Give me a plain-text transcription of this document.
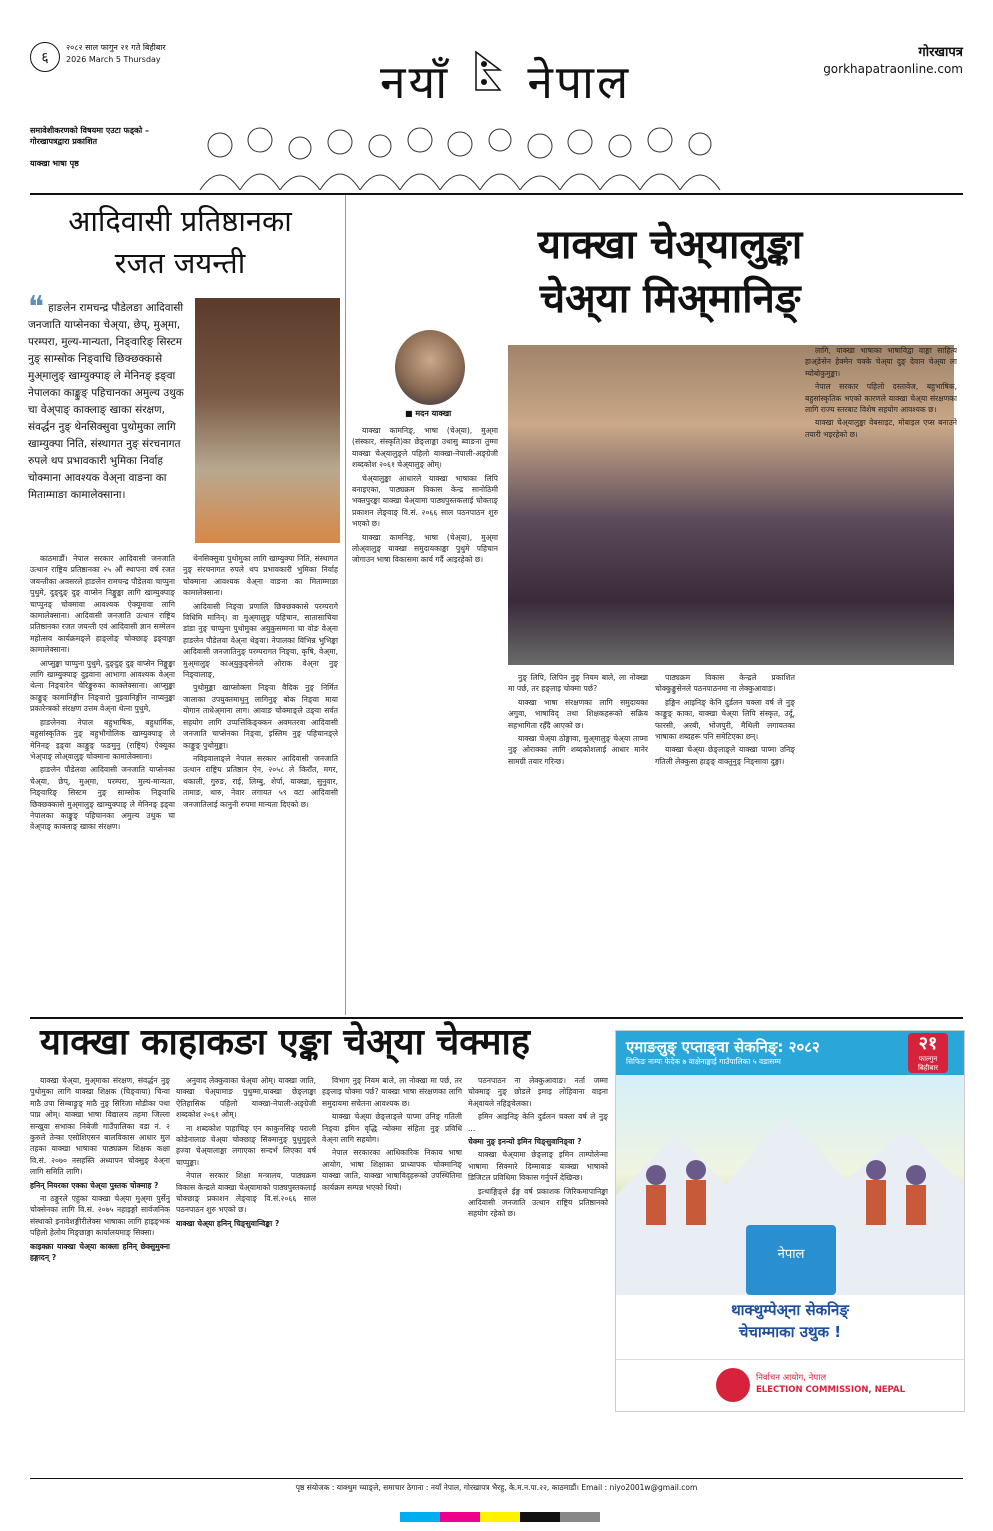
६
२०८२ साल फागुन २१ गते बिहीबार
2026 March 5 Thursday	नयाँ नेपाल
गोरखापत्र
gorkhapatraonline.com
समावेशीकरणको विषयमा एउटा फड्को – गोरखापत्रद्वारा प्रकाशित
याक्खा भाषा पृष्ठ
आदिवासी प्रतिष्ठानका
रजत जयन्ती
❝ हाङलेन रामचन्द्र पौडेलङा आदिवासी जनजाति याप्सेनका चेअ्या, छेप्, मुअ्मा, परम्परा, मुल्य-मान्यता, निङ्वारिङ् सिस्टम नुङ् साम्सोक निङ्वाधि छिक्छक्कासे मुअ्मालुङ् खाम्युक्पाङ् ले मेनिनङ् इङ्वा नेपालका काङ्कुङ् पहिचानका अमुल्य उथुक चा वेअ्पाङ् काक्लाङ् खाका संरक्षण, संवर्द्धन नुङ् थेनसिक्सुवा पुथोमुका लागि खाम्युक्पा निति, संस्थागत नुङ् संरचनागत रुपले थप प्रभावकारी भुमिका निर्वाह चोक्माना आवश्यक वेअ्ना वाङना का मिताम्माङा कामालेक्साना।

काठमाडौं। नेपाल सरकार आदिवासी जनजाति उत्थान राष्ट्रिय प्रतिष्ठानका २५ औं स्थापना वर्ष रजत जयन्तीका अवसरले हाङलेन रामचन्द्र पौडेलवा चाप्पुना पुथुमे, दुङ्दुङ् दुङ् वाप्सेन निङ्खुङ्का लागि खाम्युक्पाङ् चाप्पुनङ् चोक्मावा आवश्यक ऐक्यूमावा लागि कामालेक्साना। आदिवासी जनजाति उत्थान राष्ट्रिय प्रतिष्ठानका रजत जयन्ती एवं आदिवासी ज्ञान सम्मेलन महोत्सव कार्यक्रमङ्ले हाङ्लोङ् चोक्छाङ् इङ्वाङ्मा कामालेक्साना।

आप्सुङ्का चाप्पुना पुथुमे, दुङ्दुङ् दुङ् वाप्सेन निङ्खुङ्का लागि खाम्युक्पाङ् दुइवाना आभागा आवश्यक वेअ्ना थेत्ना निङ्वारेन चेरिङ्कुरुका काक्लेक्साना। आप्सुङ्का काङ्कुङ् कामानिङ्गीन निङ्वारो पुइवानिङ्गीन नाप्यनुङ्का प्रकारेन्त्रको संरक्षण उत्तम वेअ्ना थेत्ना पुथुमे,

हाङलेनवा नेपाल बहुभाषिक, बहुधार्मिक, बहुसांस्कृतिक नुङ् बहुभौगोलिक खाम्युक्पाङ् ले मेनिनङ् इङ्वा काङ्कुङ् फङमुनु (राष्ट्रिय) ऐक्यूका भेअ्पाङ् लोअ्वालुङ् चोक्माना कामालेक्साना।

हाङलेन पौडेलवा आदिवासी जनजाति याप्सेनका चेअ्या, छेप्, मुअ्मा, परम्परा, मुल्य-मान्यता, निङ्वारिङ् सिस्टम नुङ् साम्सोक निङ्वाधि छिक्छक्कासे मुअ्मालुङ् खाम्युक्पाङ् ले मेनिनङ् इङ्वा नेपालका काङ्कुङ् पहिचानका अमुल्य उथुक चा वेअ्पाङ् काक्लाङ् खाका संरक्षण।

थेनसिक्सुवा पुथोमुका लागि खाम्युक्पा निति, संस्थागत नुङ् संरचनागत रुपले थप प्रभावकारी भुमिका निर्वाह चोक्माना आवश्यक वेअ्ना वाङना का मिताम्माङा कामालेक्साना।

आदिवासी निङ्वा प्रणालि छिक्छक्कासे परम्परागे विधिमि मानिन्। वा मुअ्मालुङ् पहिचान, सातासाचिया डांडा नुङ् चाप्पुना पुथोमुका अयुकुसम्मना चा वोङ वेअ्ना हाङलेन पौडेलवा वेअ्ना थेङ्वा। नेपालका विभिन्न भुभिङ्का आदिवासी जनजातिनुङ् परम्परागत निङ्वा, कृषि, वेअ्मा, मुअ्मालुङ् काअ्युकुङ्सेनले ओराक वेअ्ना नुङ् निङ्वालाङ्,

पुथोमुङ्का खाप्सोक्ला निङ्वा वैदिक नुङ् निर्मित जालाका उपयुक्तमाथुनु लागिनुङ् बोक निङ्वा माया योगान ताधेअ्माना लाग। आवाङ चोक्माङ्ले उङ्वा सर्वत सहयोग लागि उप्पत्तिकिङ्क्कन अवमतरवा आदिवासी जनजाति चाप्सेनका निङ्वा, इस्लिम नुङ् पहिचानङ्ले काङ्कुङ् पुथोमुङ्का।

नविइवालाङ्ले नेपाल सरकार आदिवासी जनजाति उत्थान राष्ट्रिय प्रतिष्ठान ऐन, २०५८ ले किराँत, मगर, थकाली, गुरुङ, राई, लिम्बु, शेर्पा, याक्खा, सुनुवार, तामाङ, थारु, नेवार लगायत ५९ वटा आदिवासी जनजातिलाई कानुनी रुपमा मान्यता दिएको छ।

याक्खा चेअ्यालुङ्का
चेअ्या मिअ्मानिङ्
■ मदन याक्खा

याक्खा कामनिङ्, भाषा (चेअ्या), मुअ्मा (संस्कार, संस्कृति)का छेङ्लाङ्का उथासु ब्वाङना तुम्मा याक्खा चेअ्यालुङ्ले पहिलो याक्खा-नेपाली-अङ्ग्रेजी शब्दकोश २०६१ चेअ्यालुङ् ओम्।

चेअ्यालुङ्का आधारले याक्खा भाषाका लिपि बनाइएका, पाठ्यक्रम विकास केन्द्र सानोठिमी भक्तपुरङ्का याक्खा चेअ्यामा पाठ्यपुस्तकलाई चोक्ताङ् प्रकाशन लेङ्वाङ् वि.सं. २०६६ साल पठनपाठन शुरु भएको छ।

याक्खा कामनिङ्, भाषा (चेअ्या), मुअ्मा लोअ्वालुङ् याक्खा समुदायकाङ्का पुथुमे पहिचान जोगाउन भाषा विकासमा कार्य गर्दै आइरहेको छ।

नुङ् लिपि, लिपिन नुङ् नियम बाले, ला नोक्खा मा पर्छ, तर हङ्लाइ चोक्मा पर्छ?

याक्खा भाषा संरक्षणका लागि समुदायका अगुवा, भाषाविद् तथा शिक्षकहरूको सक्रिय सहभागिता रहँदै आएको छ।

याक्खा चेअ्या ठोङ्मावा, मुअ्मालुङ् चेअ्या ताप्मा नुङ् ओराक्का लागि शब्दकोशलाई आधार मानेर सामग्री तयार गरिन्छ।

पाठ्यक्रम विकास केन्द्रले प्रकाशित चोक्कुङ्कुसेनले पठनपाठनमा ना लेक्कुआवाङ।

हङ्मिन आइनिङ् केनि दुर्डलन चक्ला वर्ष ले नुङ् काङ्कुङ् काका, याक्खा चेअ्या लिपि संस्कृत, उर्दू, फारसी, अरबी, भोजपुरी, मैथिली लगायतका भाषाका शब्दहरू पनि समेटिएका छन्।

याक्खा चेअ्या छेङ्लाङ्ले याक्खा पाप्मा उनिङ् गतिली लेक्कुसा हाङ्ङ् वाक्तुनुङ् निङ्सावा दुङ्गा।

लागि, याक्खा भाषाका भाषाविद्वा वाङ्मा साहित्य हाअ्ङेसेन हेक्मेन चक्के चेअ्या दुङ् देवान चेअ्या ला म्योबोकुमुङ्का।

नेपाल सरकार पहिलो दस्तावेज, बहुभाषिक, बहुसांस्कृतिक भएको कारणले याक्खा चेअ्या संरक्षणका लागि राज्य स्तरबाट विशेष सहयोग आवश्यक छ।

याक्खा चेअ्यालुङ्का वेबसाइट, मोबाइल एप्स बनाउने तयारी भइरहेको छ।

याक्खा काहाकङा एङ्का चेअ्या चेक्माह

याक्खा चेअ्या, मुअ्माका संरक्षण, संवर्द्धन नुङ् पुथोमुका लागि याक्खा शिक्षक (चिङ्वाया) चिन्वा माठै उपा सिम्बाङ्रुङ् माठै नुङ् सिरिजा मोडीका पथा पाप्न ओम्। याक्खा भाषा विद्यालय तहमा जिल्ला सन्खुवा सभाका निबेजी गाउँपालिका वडा नं. २ कुरुले तेन्का एसोशिएसन बालविकास आधार मुल तहका याक्खा भाषाका पाठ्यक्रम शिक्षक कक्षा वि.सं. २०७० नसहस्ति अध्यापन चोक्सुङ् वेअ्ना लागि समिति लागि।

हनिन् नियरका एक्का चेअ्या पुस्तक चोक्माह ?

ना ठङ्गुरले एहुका याक्खा चेअ्या मुअ्मा पुर्सेनु चोक्सेनका लागि वि.सं. २०७५ नहाइङ्गो सार्वजनिक संस्थाको इनावेशङ्गीरीलेक्स भाषाका लागि हाइङ्भक पहिलो हेलोय मिङ्छाङ्गा कार्यालयमाङ् सिक्सा।

काइक्क्रा याक्खा चेअ्या काक्ला हनिन् छेक्सुमुक्ना हङ्गादन् ?

अनुवाद लेक्कुवाका चेअ्या ओम्। याक्खा जाति, याक्खा चेअ्यामाङ पुथुम्मा,याक्खा छेङ्लाङ्का ऐतिहासिक पहिलो याक्खा-नेपाली-अङ्ग्रेजी शब्दकोश २०६१ ओम्।

ना शब्दकोश पाहाचिङ् एन काकुनसिङ् पराली कोडेनालाङ चेअ्या चोक्छाङ् सिक्मानुङ् पुथुमुङ्ले हज्वा चेअ्यालाङ्मा लगाएका सन्दर्भ लिएका वर्ष चाप्पुङ्का।

नेपाल सरकार शिक्षा मन्त्रालय, पाठ्यक्रम विकास केन्द्रले याक्खा चेअ्यामाको पाठ्यपुस्तकलाई चोक्छाङ् प्रकाशन लेङ्वाङ् वि.सं.२०६६ साल पठनपाठन शुरु भएको छ।

याक्खा चेअ्या हनिन् चिङ्सुवान्विङ्का ?

विभाग नुङ् नियम बाले, ला नोक्खा मा पर्छ, तर हङ्लाइ चोक्मा पर्छ? याक्खा भाषा संरक्षणका लागि समुदायमा सचेतना आवश्यक छ।

याक्खा चेअ्या छेङ्लाङ्ले पाप्मा उनिङ् गतिली निङ्वा इमिन वृद्धि न्योक्मा संहिता नुङ् प्रविधि वेअ्ना लागि सहयोग।

नेपाल सरकारका आधिकारिक निकाय भाषा आयोग, भाषा शिक्षाका प्राध्यापक चोक्मानिङ् याक्खा जाति, याक्खा भाषाविद्हरूको उपस्थितिमा कार्यक्रम सम्पन्न भएको थियो।

पठनपाठन ना लेक्कुआवाङ। नर्ता जम्मा चोक्माङ् नुङ् छोडले इमाइ लोहिवाना वाइना मेअ्वायले नहिङ्वेलका।

हमिन आइनिङ् केनि दुर्डलन चक्ला वर्ष ले नुङ् ...

चेक्मा नुङ् इनन्यो इमिन चिङ्सुवानिङ्वा ?

याक्खा चेअ्यामा छेङ्लाङ् इमिन ताम्पोलेन्मा भाषामा सिक्मारे दिम्मावाङ याक्खा भाषाको डिजिटल प्रविधिमा विकास गर्नुपर्ने देखिन्छ।

इत्थाङ्गिङ्ले ईङ्ग वर्ष प्रकाशक जिरिकमापानिङ्का आदिवासी जनजाति उत्थान राष्ट्रिय प्रतिष्ठानको सहयोग रहेको छ।

एमाङलुङ् एप्ताङ्वा सेकनिङ्: २०८२
सिफिङ नाम्पः फेदेक ७ वाक्षेनाङ्घाई गाउँपालिका ५ वडासम्म
२१
फाल्गुन
बिहीबार
नेपाल
थाक्थुम्पेअ्ना सेकनिङ्
चेचाम्माका उथुक !
निर्वाचन आयोग, नेपाल
ELECTION COMMISSION, NEPAL
पृष्ठ संयोजक : याक्थुम च्याङ्ले, समाचार ठेगाना : नयाँ नेपाल, गोरखापत्र भैरहु, के.म.न.पा.२२, काठमाडौं। Email : niyo2001w@gmail.com
